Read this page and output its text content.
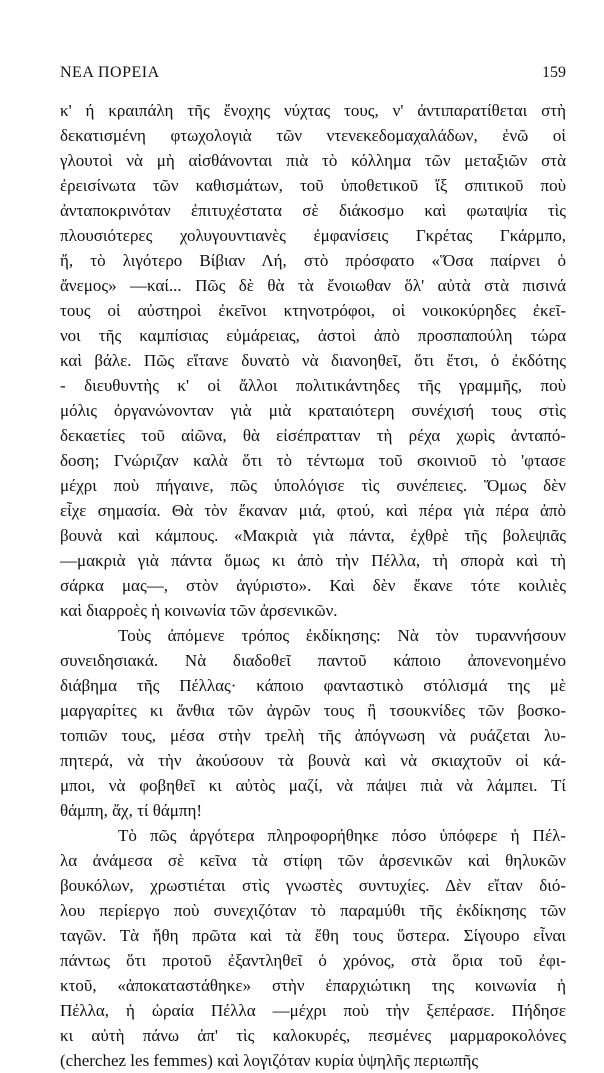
ΝΕΑ ΠΟΡΕΙΑ	159
κ' ή κραιπάλη τῆς ἔνοχης νύχτας τους, ν' ἀντιπαρατίθεται στὴ
δεκατισμένη φτωχολογιὰ τῶν ντενεκεδομαχαλάδων, ἐνῶ οἱ
γλουτοὶ νὰ μὴ αἰσθάνονται πιὰ τὸ κόλλημα τῶν μεταξιῶν στὰ
ἐρεισίνωτα τῶν καθισμάτων, τοῦ ὑποθετικοῦ ἴξ σπιτικοῦ ποὺ
ἀνταποκρινόταν ἐπιτυχέστατα σὲ διάκοσμο καὶ φωταψία τὶς
πλουσιότερες χολυγουντιανὲς ἐμφανίσεις Γκρέτας Γκάρμπο,
ἤ, τὸ λιγότερο Βίβιαν Λή, στὸ πρόσφατο «Ὅσα παίρνει ὁ
ἄνεμος» —καί... Πῶς δὲ θὰ τὰ ἔνοιωθαν ὅλ' αὐτὰ στὰ πισινά
τους οἱ αὐστηροὶ ἐκεῖνοι κτηνοτρόφοι, οἱ νοικοκύρηδες ἐκεῖ-
νοι τῆς καμπίσιας εὐμάρειας, ἀστοὶ ἀπὸ προσπαπούλη τώρα
καὶ βάλε. Πῶς εἴτανε δυνατὸ νὰ διανοηθεῖ, ὅτι ἔτσι, ὁ ἐκδότης
- διευθυντὴς κ' οἱ ἄλλοι πολιτικάντηδες τῆς γραμμῆς, ποὺ
μόλις ὀργανώνονταν γιὰ μιὰ κραταιότερη συνέχισή τους στὶς
δεκαετίες τοῦ αἰῶνα, θὰ εἰσέπρατταν τὴ ρέχα χωρὶς ἀνταπό-
δοση; Γνώριζαν καλὰ ὅτι τὸ τέντωμα τοῦ σκοινιοῦ τὸ 'φτασε
μέχρι ποὺ πήγαινε, πῶς ὑπολόγισε τὶς συνέπειες. Ὅμως δὲν
εἶχε σημασία. Θὰ τὸν ἔκαναν μιά, φτού, καὶ πέρα γιὰ πέρα ἀπὸ
βουνὰ καὶ κάμπους. «Μακριὰ γιὰ πάντα, ἐχθρὲ τῆς βολεψιᾶς
—μακριὰ γιὰ πάντα ὅμως κι ἀπὸ τὴν Πέλλα, τὴ σπορὰ καὶ τὴ
σάρκα μας—, στὸν ἀγύριστο». Καὶ δὲν ἔκανε τότε κοιλιὲς
καὶ διαρροὲς ἡ κοινωνία τῶν ἀρσενικῶν.
Τοὺς ἀπόμενε τρόπος ἐκδίκησης: Νὰ τὸν τυραννήσουν
συνειδησιακά. Νὰ διαδοθεῖ παντοῦ κάποιο ἀπονενοημένο
διάβημα τῆς Πέλλας· κάποιο φανταστικὸ στόλισμά της μὲ
μαργαρίτες κι ἄνθια τῶν ἀγρῶν τους ἢ τσουκνίδες τῶν βοσκο-
τοπιῶν τους, μέσα στὴν τρελὴ τῆς ἀπόγνωση νὰ ρυάζεται λυ-
πητερά, νὰ τὴν ἀκούσουν τὰ βουνὰ καὶ νὰ σκιαχτοῦν οἱ κά-
μποι, νὰ φοβηθεῖ κι αὐτὸς μαζί, νὰ πάψει πιὰ νὰ λάμπει. Τί
θάμπη, ἄχ, τί θάμπη!
Τὸ πῶς ἀργότερα πληροφορήθηκε πόσο ὑπόφερε ἡ Πέλ-
λα ἀνάμεσα σὲ κεῖνα τὰ στίφη τῶν ἀρσενικῶν καὶ θηλυκῶν
βουκόλων, χρωστιέται στὶς γνωστὲς συντυχίες. Δὲν εἴταν διό-
λου περίεργο ποὺ συνεχιζόταν τὸ παραμύθι τῆς ἐκδίκησης τῶν
ταγῶν. Τὰ ἤθη πρῶτα καὶ τὰ ἔθη τους ὕστερα. Σίγουρο εἶναι
πάντως ὅτι προτοῦ ἐξαντληθεῖ ὁ χρόνος, στὰ ὅρια τοῦ ἐφι-
κτοῦ, «ἀποκαταστάθηκε» στὴν ἐπαρχιώτικη της κοινωνία ἡ
Πέλλα, ἡ ὡραία Πέλλα —μέχρι ποὺ τὴν ξεπέρασε. Πήδησε
κι αὐτὴ πάνω ἀπ' τὶς καλοκυρές, πεσμένες μαρμαροκολόνες
(cherchez les femmes) καὶ λογιζόταν κυρία ὑψηλῆς περιωπῆς
